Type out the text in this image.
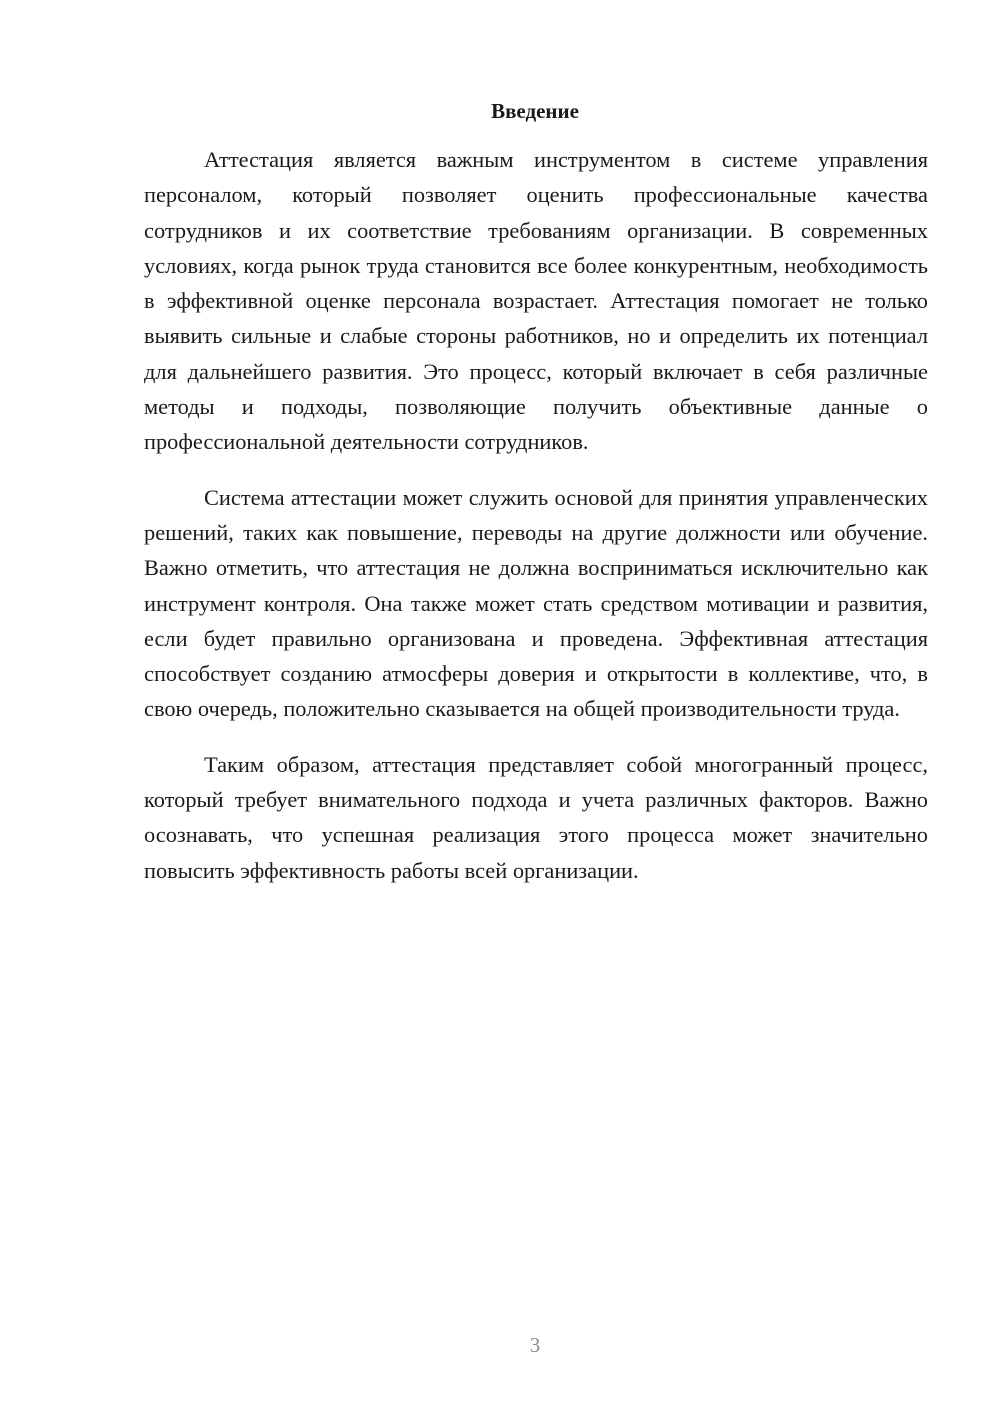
Введение

Аттестация является важным инструментом в системе управления персоналом, который позволяет оценить профессиональные качества сотрудников и их соответствие требованиям организации. В современных условиях, когда рынок труда становится все более конкурентным, необходимость в эффективной оценке персонала возрастает. Аттестация помогает не только выявить сильные и слабые стороны работников, но и определить их потенциал для дальнейшего развития. Это процесс, который включает в себя различные методы и подходы, позволяющие получить объективные данные о профессиональной деятельности сотрудников.

Система аттестации может служить основой для принятия управленческих решений, таких как повышение, переводы на другие должности или обучение. Важно отметить, что аттестация не должна восприниматься исключительно как инструмент контроля. Она также может стать средством мотивации и развития, если будет правильно организована и проведена. Эффективная аттестация способствует созданию атмосферы доверия и открытости в коллективе, что, в свою очередь, положительно сказывается на общей производительности труда.

Таким образом, аттестация представляет собой многогранный процесс, который требует внимательного подхода и учета различных факторов. Важно осознавать, что успешная реализация этого процесса может значительно повысить эффективность работы всей организации.

3
